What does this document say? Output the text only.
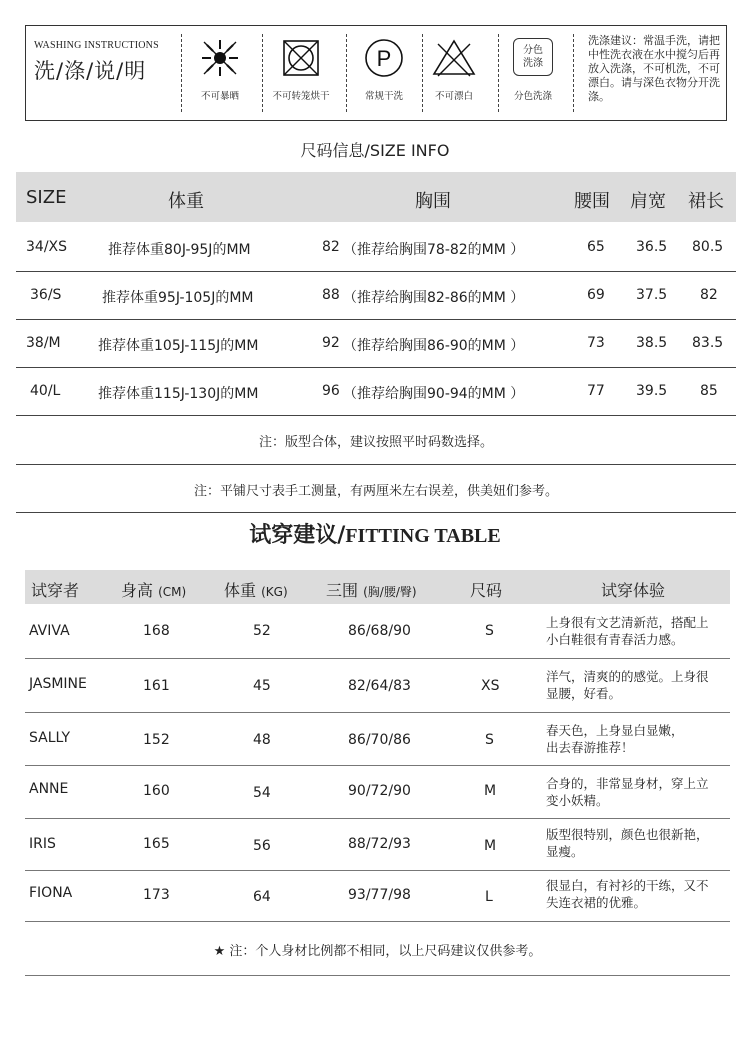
WASHING INSTRUCTIONS
洗/涤/说/明
不可暴晒	不可转笼烘干
P
常规干洗	不可漂白
分色
洗涤
分色洗涤
洗涤建议：常温手洗，请把中性洗衣液在水中搅匀后再放入洗涤，不可机洗，不可漂白。请与深色衣物分开洗涤。
尺码信息/SIZE INFO
SIZE	体重	胸围	腰围 肩宽 裙长
34/XS	推荐体重80J-95J的MM	82 （推荐给胸围78-82的MM ）	65 36.5 80.5
36/S	推荐体重95J-105J的MM	88 （推荐给胸围82-86的MM ）	69 37.5 82
38/M	推荐体重105J-115J的MM	92 （推荐给胸围86-90的MM ）	73 38.5 83.5
40/L	推荐体重115J-130J的MM	96 （推荐给胸围90-94的MM ）	77 39.5 85
注：版型合体，建议按照平时码数选择。
注：平铺尺寸表手工测量，有两厘米左右误差，供美妞们参考。
试穿建议/FITTING TABLE
试穿者	身高 (CM) 体重 (KG) 三围 (胸/腰/臀)	尺码	试穿体验
AVIVA	168	52	86/68/90	S
上身很有文艺清新范，搭配上
小白鞋很有青春活力感。
JASMINE	161	45	82/64/83	XS
洋气，清爽的的感觉。上身很
显腰，好看。
SALLY	152	48	86/70/86	S
春天色，上身显白显嫩，
出去春游推荐！
ANNE	160	54	90/72/90	M	合身的，非常显身材，穿上立
变小妖精。
IRIS	165	56	88/72/93	M
版型很特别，颜色也很新艳，
显瘦。
FIONA	173	64	93/77/98	L
很显白，有衬衫的干练，又不
失连衣裙的优雅。
★ 注：个人身材比例都不相同，以上尺码建议仅供参考。
